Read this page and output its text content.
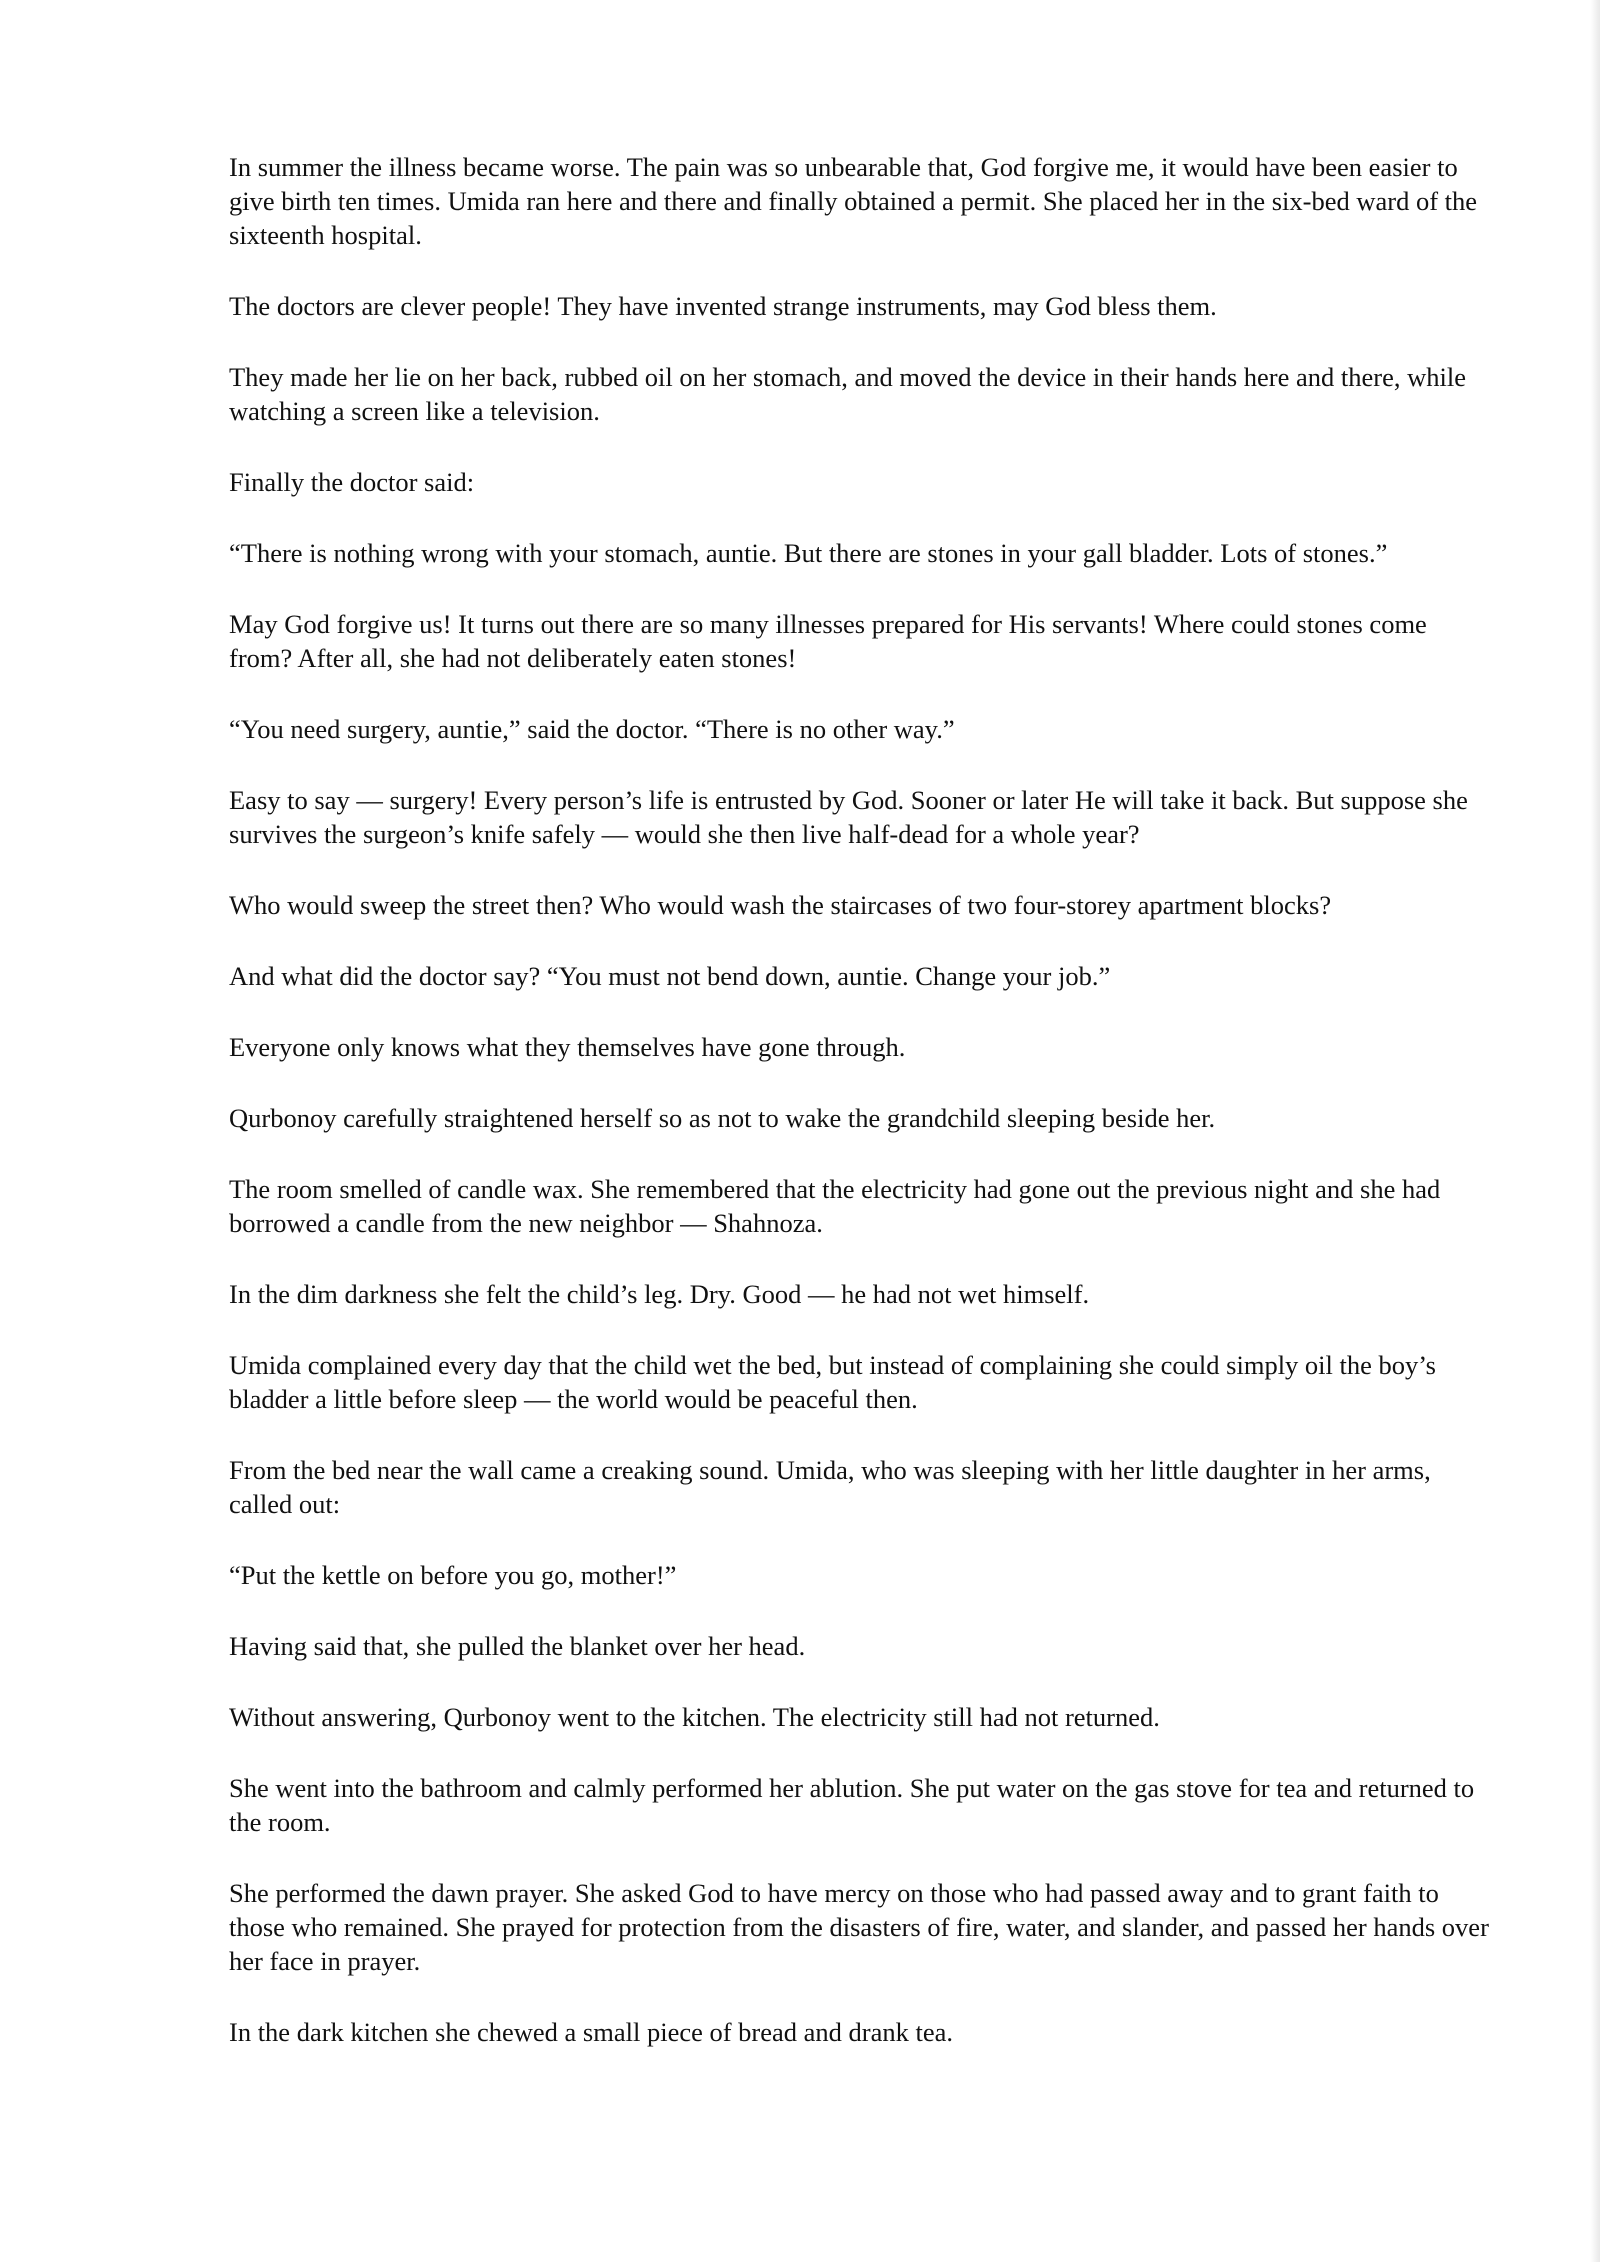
In summer the illness became worse. The pain was so unbearable that, God forgive me, it would have been easier to give birth ten times. Umida ran here and there and finally obtained a permit. She placed her in the six-bed ward of the sixteenth hospital.

The doctors are clever people! They have invented strange instruments, may God bless them.

They made her lie on her back, rubbed oil on her stomach, and moved the device in their hands here and there, while watching a screen like a television.

Finally the doctor said:

“There is nothing wrong with your stomach, auntie. But there are stones in your gall bladder. Lots of stones.”

May God forgive us! It turns out there are so many illnesses prepared for His servants! Where could stones come from? After all, she had not deliberately eaten stones!

“You need surgery, auntie,” said the doctor. “There is no other way.”

Easy to say — surgery! Every person’s life is entrusted by God. Sooner or later He will take it back. But suppose she survives the surgeon’s knife safely — would she then live half-dead for a whole year?

Who would sweep the street then? Who would wash the staircases of two four-storey apartment blocks?

And what did the doctor say? “You must not bend down, auntie. Change your job.”

Everyone only knows what they themselves have gone through.

Qurbonoy carefully straightened herself so as not to wake the grandchild sleeping beside her.

The room smelled of candle wax. She remembered that the electricity had gone out the previous night and she had borrowed a candle from the new neighbor — Shahnoza.

In the dim darkness she felt the child’s leg. Dry. Good — he had not wet himself.

Umida complained every day that the child wet the bed, but instead of complaining she could simply oil the boy’s bladder a little before sleep — the world would be peaceful then.

From the bed near the wall came a creaking sound. Umida, who was sleeping with her little daughter in her arms, called out:

“Put the kettle on before you go, mother!”

Having said that, she pulled the blanket over her head.

Without answering, Qurbonoy went to the kitchen. The electricity still had not returned.

She went into the bathroom and calmly performed her ablution. She put water on the gas stove for tea and returned to the room.

She performed the dawn prayer. She asked God to have mercy on those who had passed away and to grant faith to those who remained. She prayed for protection from the disasters of fire, water, and slander, and passed her hands over her face in prayer.

In the dark kitchen she chewed a small piece of bread and drank tea.
